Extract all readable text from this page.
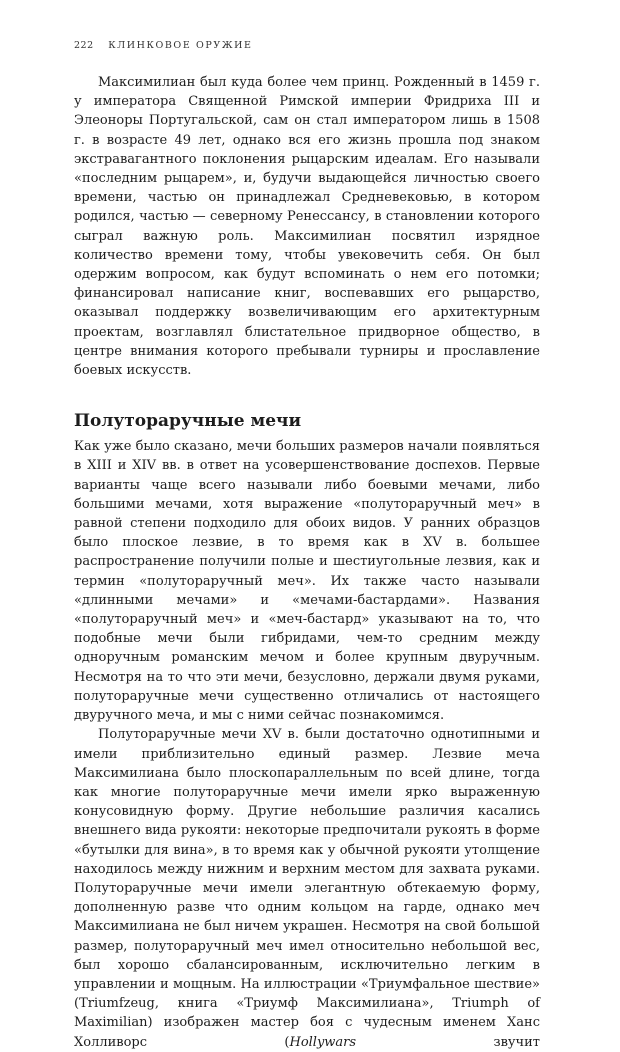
222 КЛИНКОВОЕ ОРУЖИЕ

Максимилиан был куда более чем принц. Рожденный в 1459 г. у императора Священной Римской империи Фридриха III и Элеоноры Португальской, сам он стал императором лишь в 1508 г. в возрасте 49 лет, однако вся его жизнь прошла под знаком экстравагантного поклонения рыцарским идеалам. Его называли «последним рыцарем», и, будучи выдающейся личностью своего времени, частью он принадлежал Средневековью, в котором родился, частью — северному Ренессансу, в становлении которого сыграл важную роль. Максимилиан посвятил изрядное количество времени тому, чтобы увековечить себя. Он был одержим вопросом, как будут вспоминать о нем его потомки; финансировал написание книг, воспевавших его рыцарство, оказывал поддержку возвеличивающим его архитектурным проектам, возглавлял блистательное придворное общество, в центре внимания которого пребывали турниры и прославление боевых искусств.

Полуторaручные мечи

Как уже было сказано, мечи больших размеров начали появляться в XIII и XIV вв. в ответ на усовершенствование доспехов. Первые варианты чаще всего называли либо боевыми мечами, либо большими мечами, хотя выражение «полуторaручный меч» в равной степени подходило для обоих видов. У ранних образцов было плоское лезвие, в то время как в XV в. большее распространение получили полые и шестиугольные лезвия, как и термин «полуторaручный меч». Их также часто называли «длинными мечами» и «мечами-бастардами». Названия «полуторaручный меч» и «меч-бастард» указывают на то, что подобные мечи были гибридами, чем-то средним между одноручным романским мечом и более крупным двуручным. Несмотря на то что эти мечи, безусловно, держали двумя руками, полуторaручные мечи существенно отличались от настоящего двуручного меча, и мы с ними сейчас познакомимся.

Полуторaручные мечи XV в. были достаточно однотипными и имели приблизительно единый размер. Лезвие меча Максимилиана было плоскопараллельным по всей длине, тогда как многие полуторaручные мечи имели ярко выраженную конусовидную форму. Другие небольшие различия касались внешнего вида рукояти: некоторые предпочитали рукоять в форме «бутылки для вина», в то время как у обычной рукояти утолщение находилось между нижним и верхним местом для захвата руками. Полуторaручные мечи имели элегантную обтекаемую форму, дополненную разве что одним кольцом на гарде, однако меч Максимилиана не был ничем украшен. Несмотря на свой большой размер, полуторaручный меч имел относительно небольшой вес, был хорошо сбалансированным, исключительно легким в управлении и мощным. На иллюстрации «Триумфальное шествие» (Triumfzeug, книга «Триумф Максимилиана», Triumph of Maximilian) изображен мастер боя с чудесным именем Ханс Холливорс (Hollywars звучит
